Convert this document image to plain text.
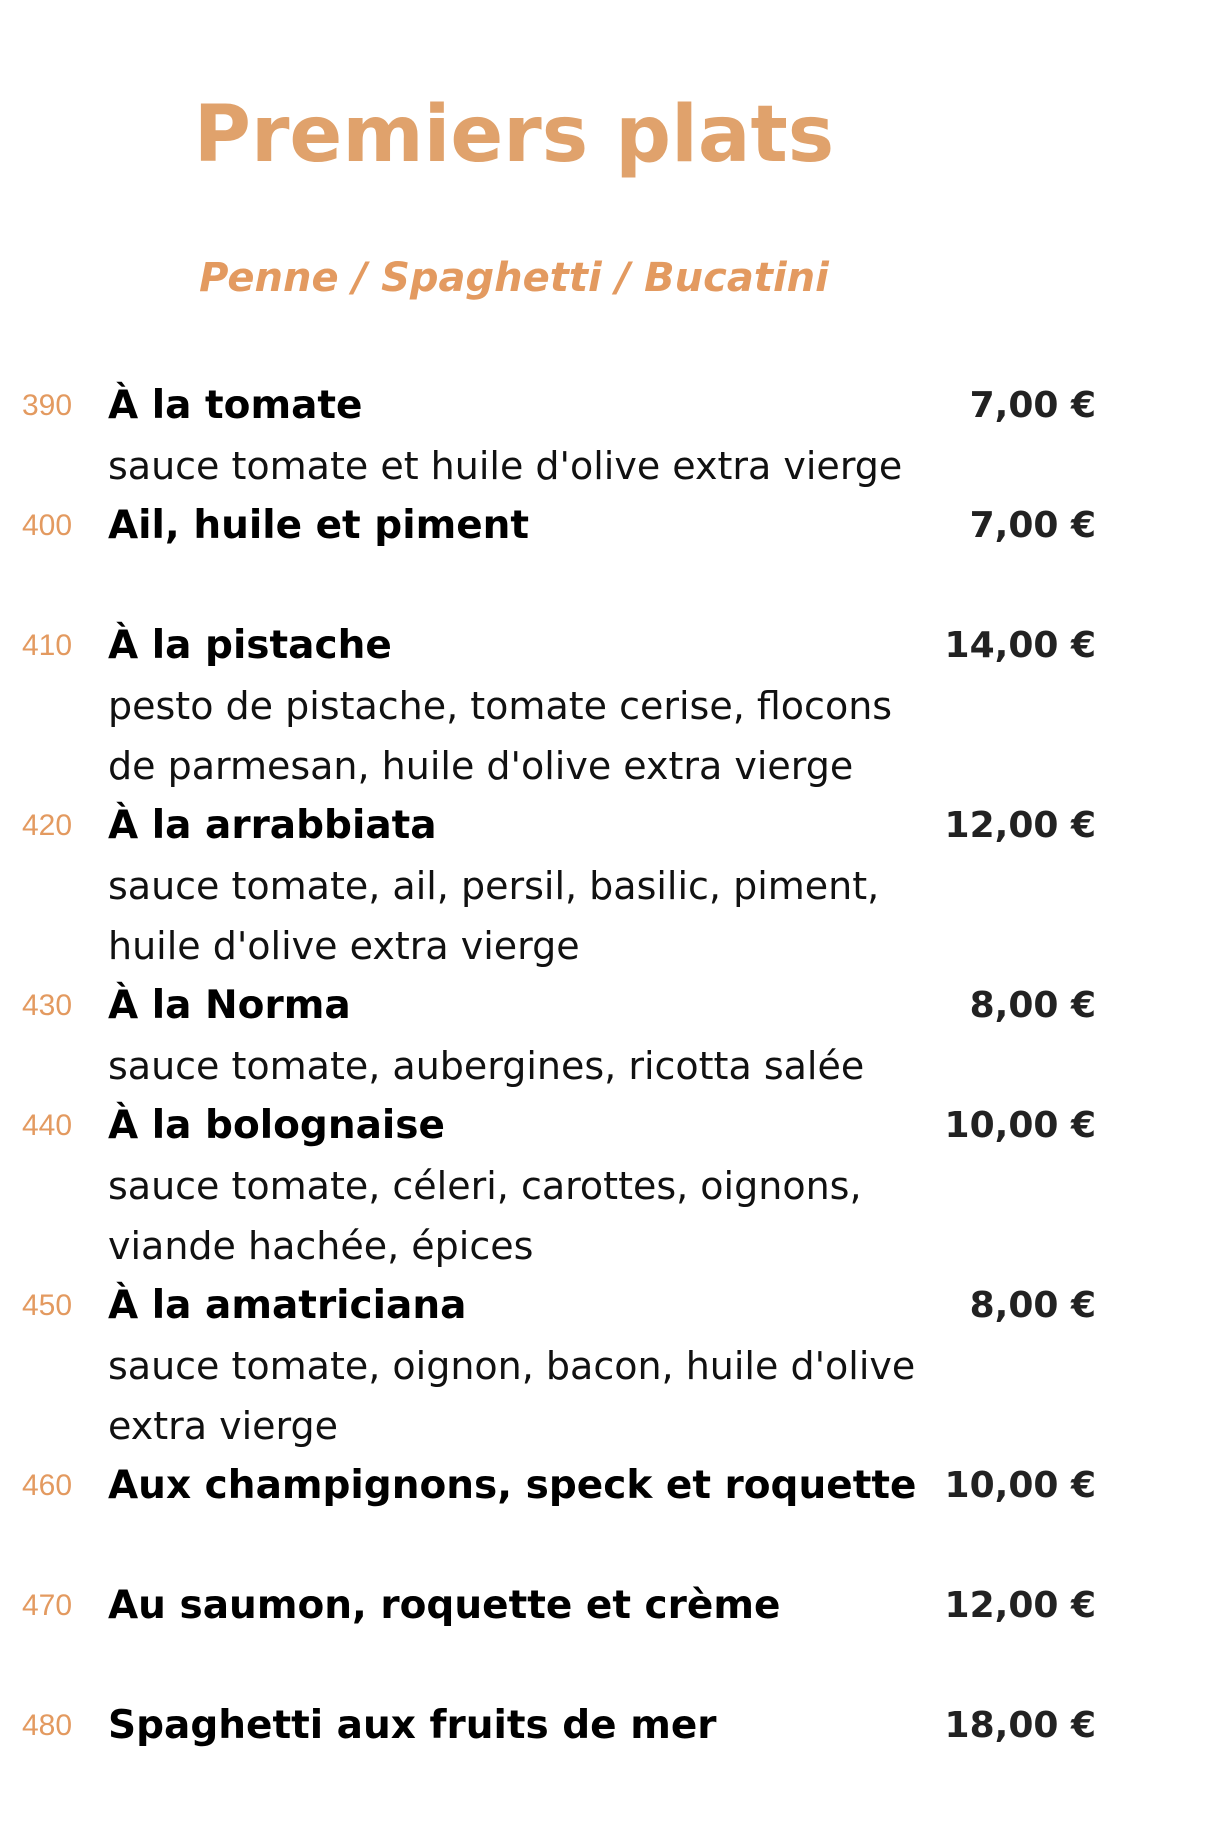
Premiers plats
Penne / Spaghetti / Bucatini
390 À la tomate	7,00 €
sauce tomate et huile d'olive extra vierge
400 Ail, huile et piment	7,00 €
410 À la pistache	14,00 €
pesto de pistache, tomate cerise, flocons
de parmesan, huile d'olive extra vierge
420 À la arrabbiata	12,00 €
sauce tomate, ail, persil, basilic, piment,
huile d'olive extra vierge
430 À la Norma	8,00 €
sauce tomate, aubergines, ricotta salée
440 À la bolognaise	10,00 €
sauce tomate, céleri, carottes, oignons,
viande hachée, épices
450 À la amatriciana	8,00 €
sauce tomate, oignon, bacon, huile d'olive
extra vierge
460 Aux champignons, speck et roquette 10,00 €
470 Au saumon, roquette et crème	12,00 €
480 Spaghetti aux fruits de mer	18,00 €
